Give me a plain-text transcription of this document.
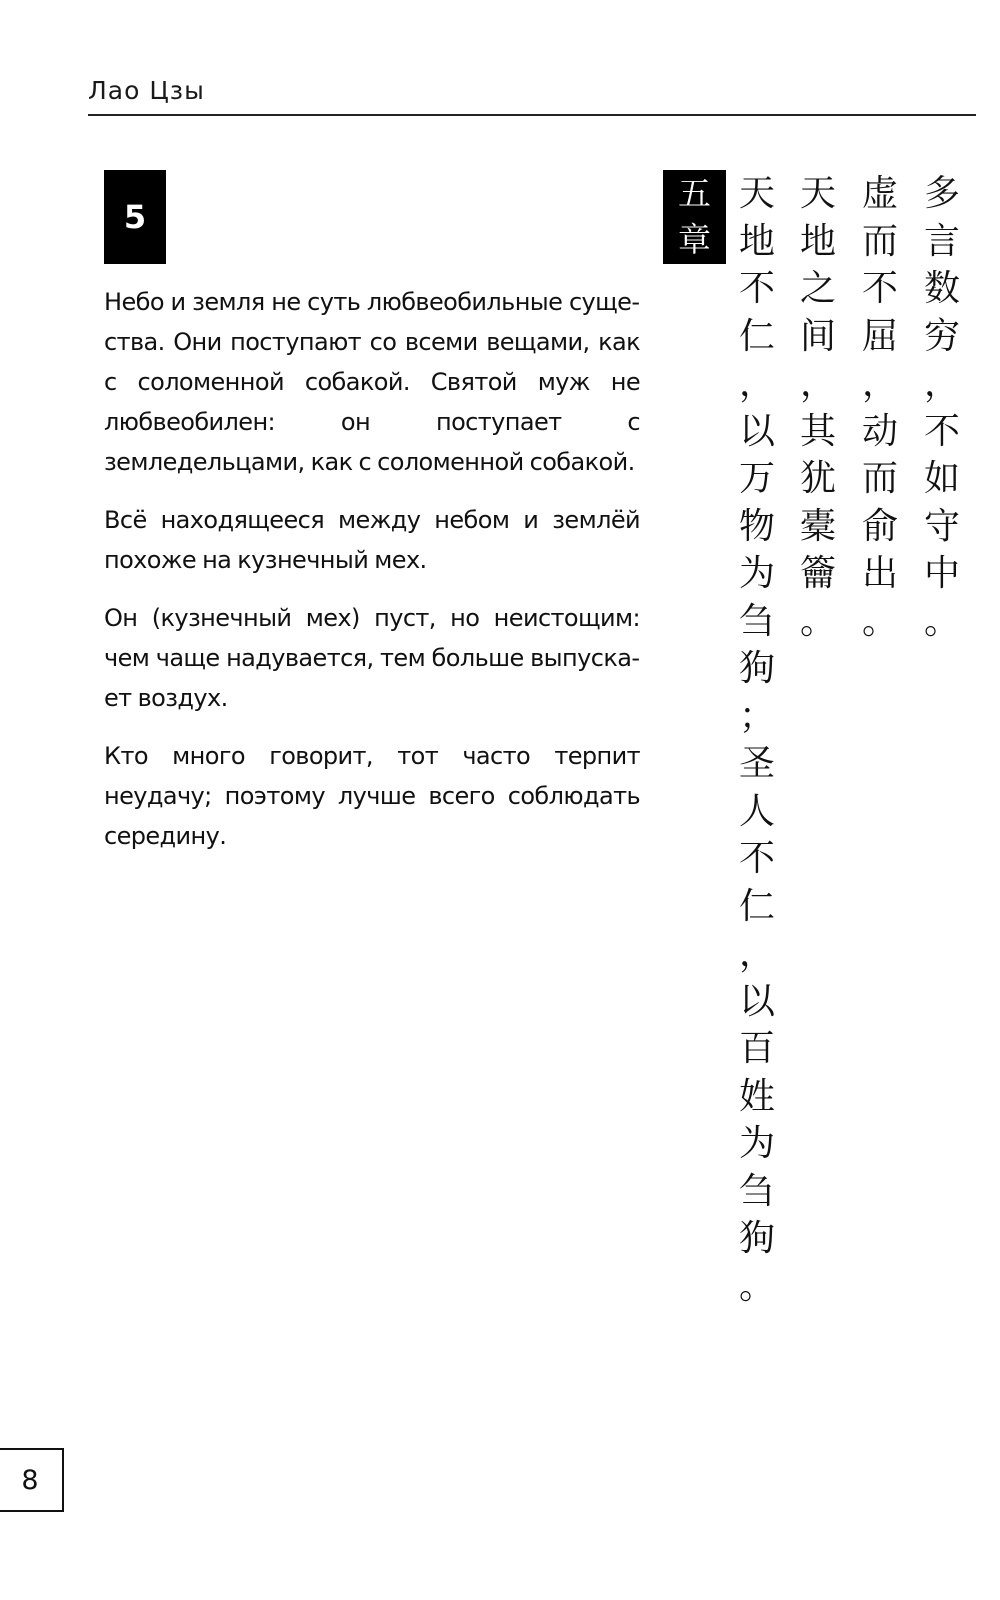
Лао Цзы
5

Небо и земля не суть любвеобильные существа. Они поступают со всеми вещами, как с соломенной собакой. Святой муж не любвеобилен: он поступает с земледельцами, как с соломенной собакой.

Всё находящееся между небом и землёй похоже на кузнечный мех.

Он (кузнечный мех) пуст, но неистощим: чем чаще надувается, тем больше выпускает воздух.

Кто много говорит, тот часто терпит неудачу; поэтому лучше всего соблюдать середину.

五
章
天
地
不
仁
，
以
万
物
为
刍
狗
；
圣
人
不
仁
，
以
百
姓
为
刍
狗
。
天
地
之
间
，
其
犹
橐
籥
。
虚
而
不
屈
，
动
而
俞
出
。
多
言
数
穷
，
不
如
守
中
。
8
